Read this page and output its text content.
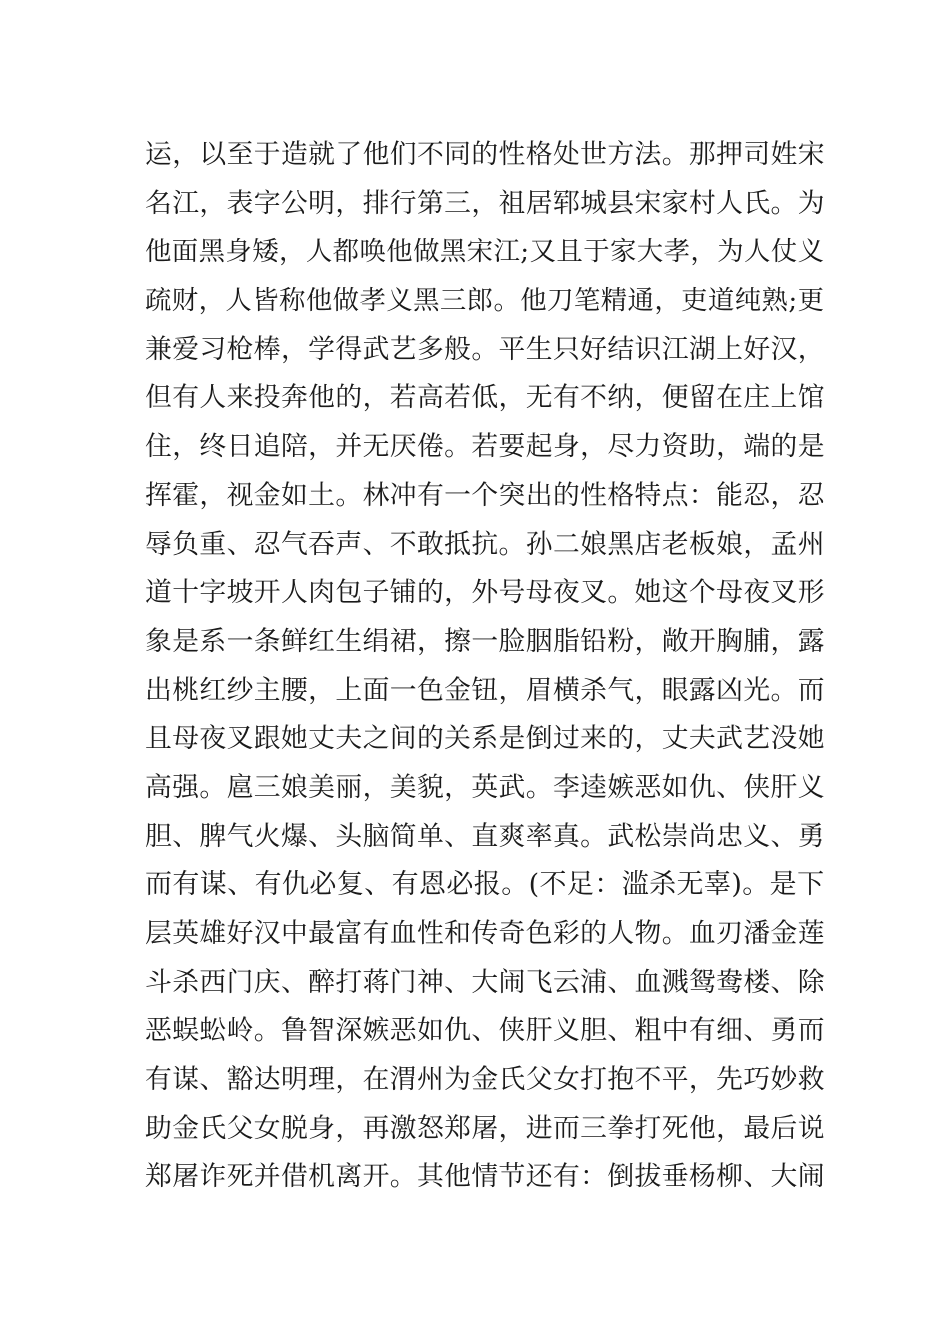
运，以至于造就了他们不同的性格处世方法。那押司姓宋
名江，表字公明，排行第三，祖居郓城县宋家村人氏。为
他面黑身矮，人都唤他做黑宋江;又且于家大孝，为人仗义
疏财，人皆称他做孝义黑三郎。他刀笔精通，吏道纯熟;更
兼爱习枪棒，学得武艺多般。平生只好结识江湖上好汉，
但有人来投奔他的，若高若低，无有不纳，便留在庄上馆
住，终日追陪，并无厌倦。若要起身，尽力资助，端的是
挥霍，视金如土。林冲有一个突出的性格特点：能忍，忍
辱负重、忍气吞声、不敢抵抗。孙二娘黑店老板娘，孟州
道十字坡开人肉包子铺的，外号母夜叉。她这个母夜叉形
象是系一条鲜红生绢裙，擦一脸胭脂铅粉，敞开胸脯，露
出桃红纱主腰，上面一色金钮，眉横杀气，眼露凶光。而
且母夜叉跟她丈夫之间的关系是倒过来的，丈夫武艺没她
高强。扈三娘美丽，美貌，英武。李逵嫉恶如仇、侠肝义
胆、脾气火爆、头脑简单、直爽率真。武松崇尚忠义、勇
而有谋、有仇必复、有恩必报。(不足：滥杀无辜)。是下
层英雄好汉中最富有血性和传奇色彩的人物。血刃潘金莲
斗杀西门庆、醉打蒋门神、大闹飞云浦、血溅鸳鸯楼、除
恶蜈蚣岭。鲁智深嫉恶如仇、侠肝义胆、粗中有细、勇而
有谋、豁达明理，在渭州为金氏父女打抱不平，先巧妙救
助金氏父女脱身，再激怒郑屠，进而三拳打死他，最后说
郑屠诈死并借机离开。其他情节还有：倒拔垂杨柳、大闹
